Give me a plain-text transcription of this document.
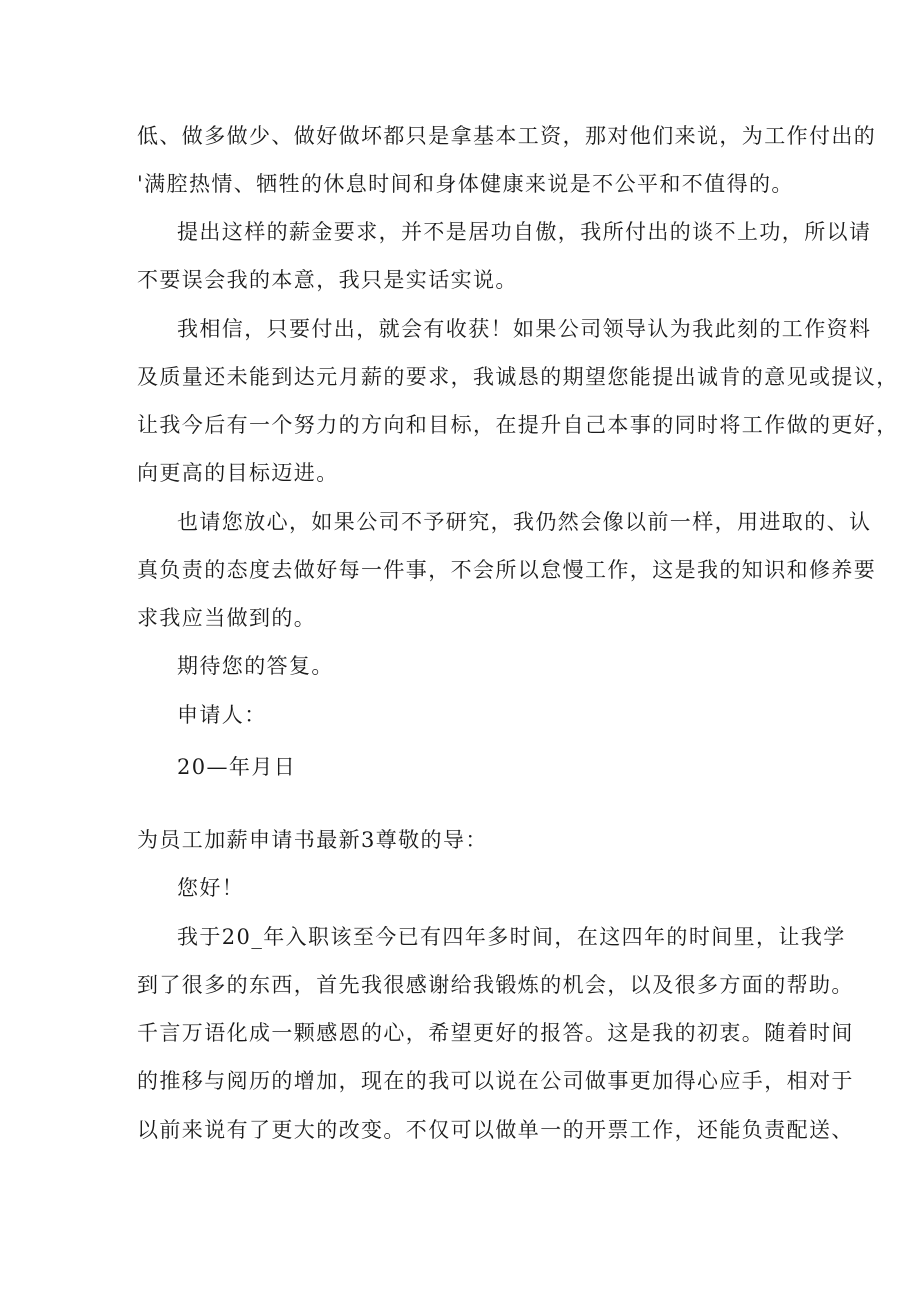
低、做多做少、做好做坏都只是拿基本工资，那对他们来说，为工作付出的
'满腔热情、牺牲的休息时间和身体健康来说是不公平和不值得的。
提出这样的薪金要求，并不是居功自傲，我所付出的谈不上功，所以请
不要误会我的本意，我只是实话实说。
我相信，只要付出，就会有收获！如果公司领导认为我此刻的工作资料
及质量还未能到达元月薪的要求，我诚恳的期望您能提出诚肯的意见或提议，
让我今后有一个努力的方向和目标，在提升自己本事的同时将工作做的更好，
向更高的目标迈进。
也请您放心，如果公司不予研究，我仍然会像以前一样，用进取的、认
真负责的态度去做好每一件事，不会所以怠慢工作，这是我的知识和修养要
求我应当做到的。
期待您的答复。
申请人：
20—年月日
为员工加薪申请书最新3尊敬的导：
您好！
我于20_年入职该至今已有四年多时间，在这四年的时间里，让我学
到了很多的东西，首先我很感谢给我锻炼的机会，以及很多方面的帮助。
千言万语化成一颗感恩的心，希望更好的报答。这是我的初衷。随着时间
的推移与阅历的增加，现在的我可以说在公司做事更加得心应手，相对于
以前来说有了更大的改变。不仅可以做单一的开票工作，还能负责配送、
